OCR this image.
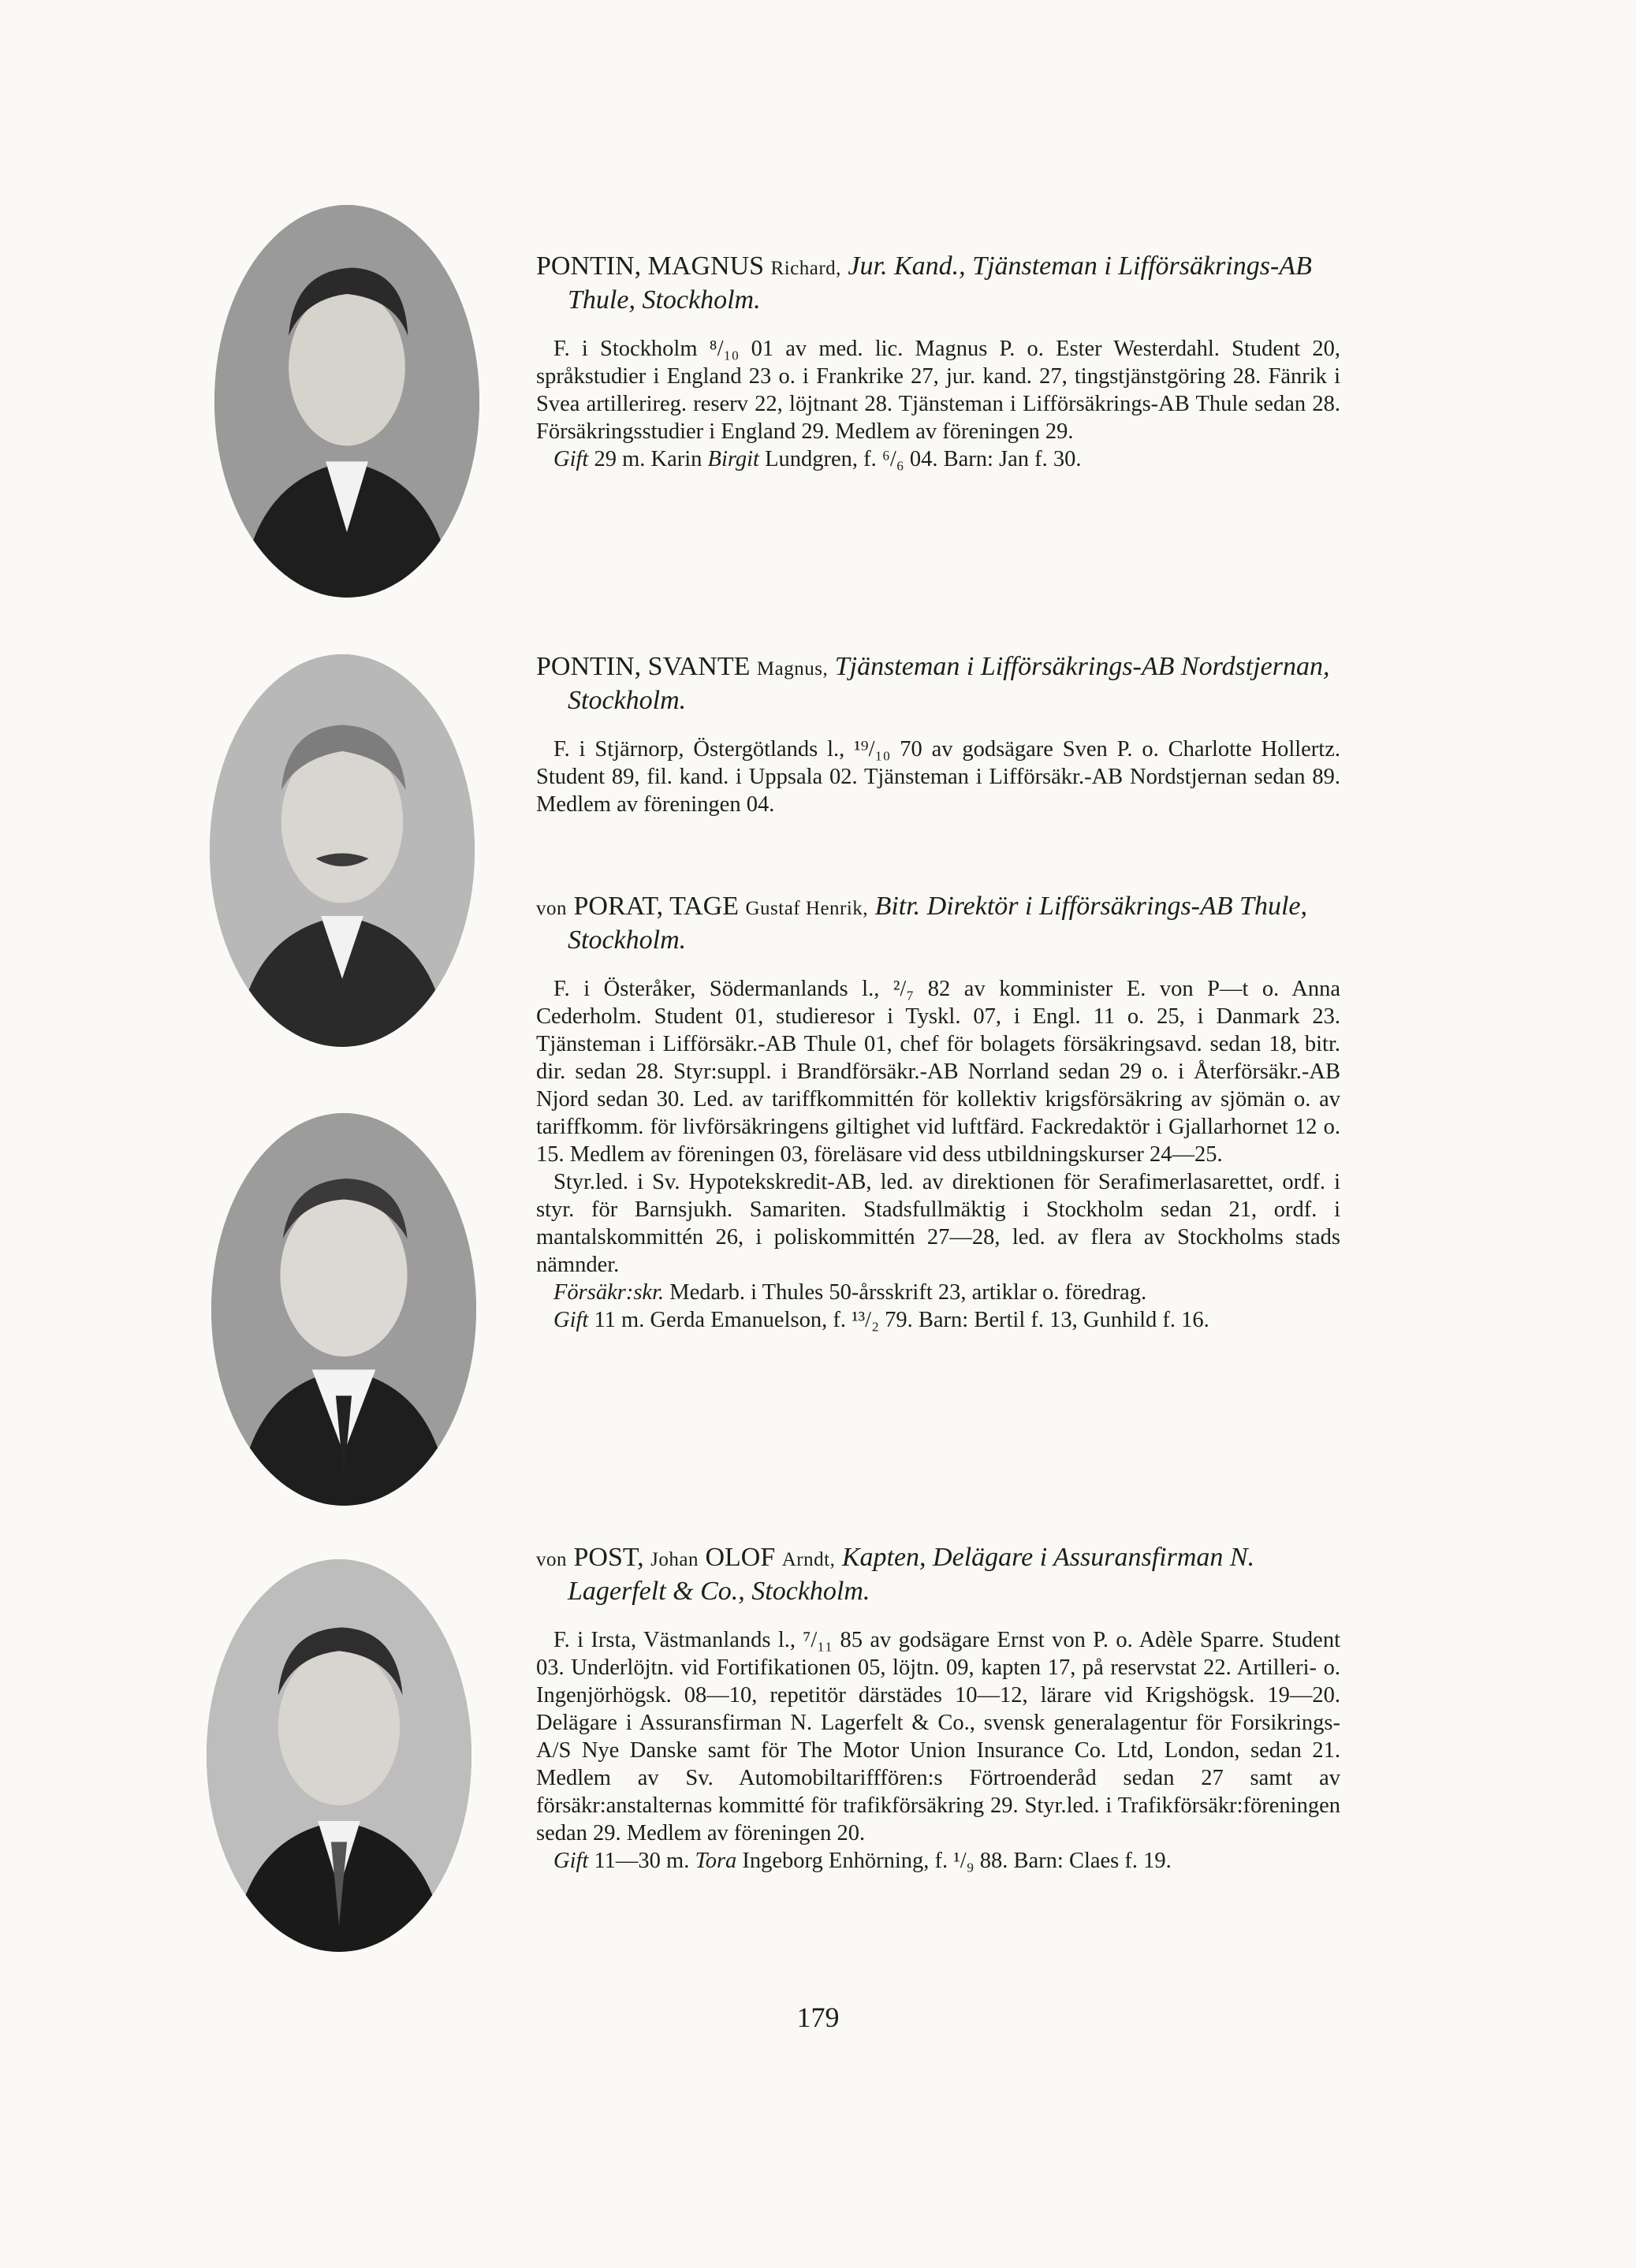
PONTIN, MAGNUS Richard, Jur. Kand., Tjänsteman i Lifförsäkrings-AB Thule, Stockholm.

F. i Stockholm ⁸/₁₀ 01 av med. lic. Magnus P. o. Ester Westerdahl. Student 20, språkstudier i England 23 o. i Frankrike 27, jur. kand. 27, tingstjänstgöring 28. Fänrik i Svea artillerireg. reserv 22, löjtnant 28. Tjänsteman i Lifförsäkrings-AB Thule sedan 28. Försäkringsstudier i England 29. Medlem av föreningen 29.

Gift 29 m. Karin Birgit Lundgren, f. ⁶/₆ 04. Barn: Jan f. 30.

PONTIN, SVANTE Magnus, Tjänsteman i Lifförsäkrings-AB Nordstjernan, Stockholm.

F. i Stjärnorp, Östergötlands l., ¹⁹/₁₀ 70 av godsägare Sven P. o. Charlotte Hollertz. Student 89, fil. kand. i Uppsala 02. Tjänsteman i Lifförsäkr.-AB Nordstjernan sedan 89. Medlem av föreningen 04.

von PORAT, TAGE Gustaf Henrik, Bitr. Direktör i Lifförsäkrings-AB Thule, Stockholm.

F. i Österåker, Södermanlands l., ²/₇ 82 av komminister E. von P—t o. Anna Cederholm. Student 01, studieresor i Tyskl. 07, i Engl. 11 o. 25, i Danmark 23. Tjänsteman i Lifförsäkr.-AB Thule 01, chef för bolagets försäkringsavd. sedan 18, bitr. dir. sedan 28. Styr:suppl. i Brandförsäkr.-AB Norrland sedan 29 o. i Återförsäkr.-AB Njord sedan 30. Led. av tariffkommittén för kollektiv krigsförsäkring av sjömän o. av tariffkomm. för livförsäkringens giltighet vid luftfärd. Fackredaktör i Gjallarhornet 12 o. 15. Medlem av föreningen 03, föreläsare vid dess utbildningskurser 24—25.

Styr.led. i Sv. Hypotekskredit-AB, led. av direktionen för Serafimerlasarettet, ordf. i styr. för Barnsjukh. Samariten. Stadsfullmäktig i Stockholm sedan 21, ordf. i mantalskommittén 26, i poliskommittén 27—28, led. av flera av Stockholms stads nämnder.

Försäkr:skr. Medarb. i Thules 50-årsskrift 23, artiklar o. föredrag.

Gift 11 m. Gerda Emanuelson, f. ¹³/₂ 79. Barn: Bertil f. 13, Gunhild f. 16.

von POST, Johan OLOF Arndt, Kapten, Delägare i Assuransfirman N. Lagerfelt & Co., Stockholm.

F. i Irsta, Västmanlands l., ⁷/₁₁ 85 av godsägare Ernst von P. o. Adèle Sparre. Student 03. Underlöjtn. vid Fortifikationen 05, löjtn. 09, kapten 17, på reservstat 22. Artilleri- o. Ingenjörhögsk. 08—10, repetitör därstädes 10—12, lärare vid Krigshögsk. 19—20. Delägare i Assuransfirman N. Lagerfelt & Co., svensk generalagentur för Forsikrings-A/S Nye Danske samt för The Motor Union Insurance Co. Ltd, London, sedan 21. Medlem av Sv. Automobiltarifffören:s Förtroenderåd sedan 27 samt av försäkr:anstalternas kommitté för trafikförsäkring 29. Styr.led. i Trafikförsäkr:föreningen sedan 29. Medlem av föreningen 20.

Gift 11—30 m. Tora Ingeborg Enhörning, f. ¹/₉ 88. Barn: Claes f. 19.

179
